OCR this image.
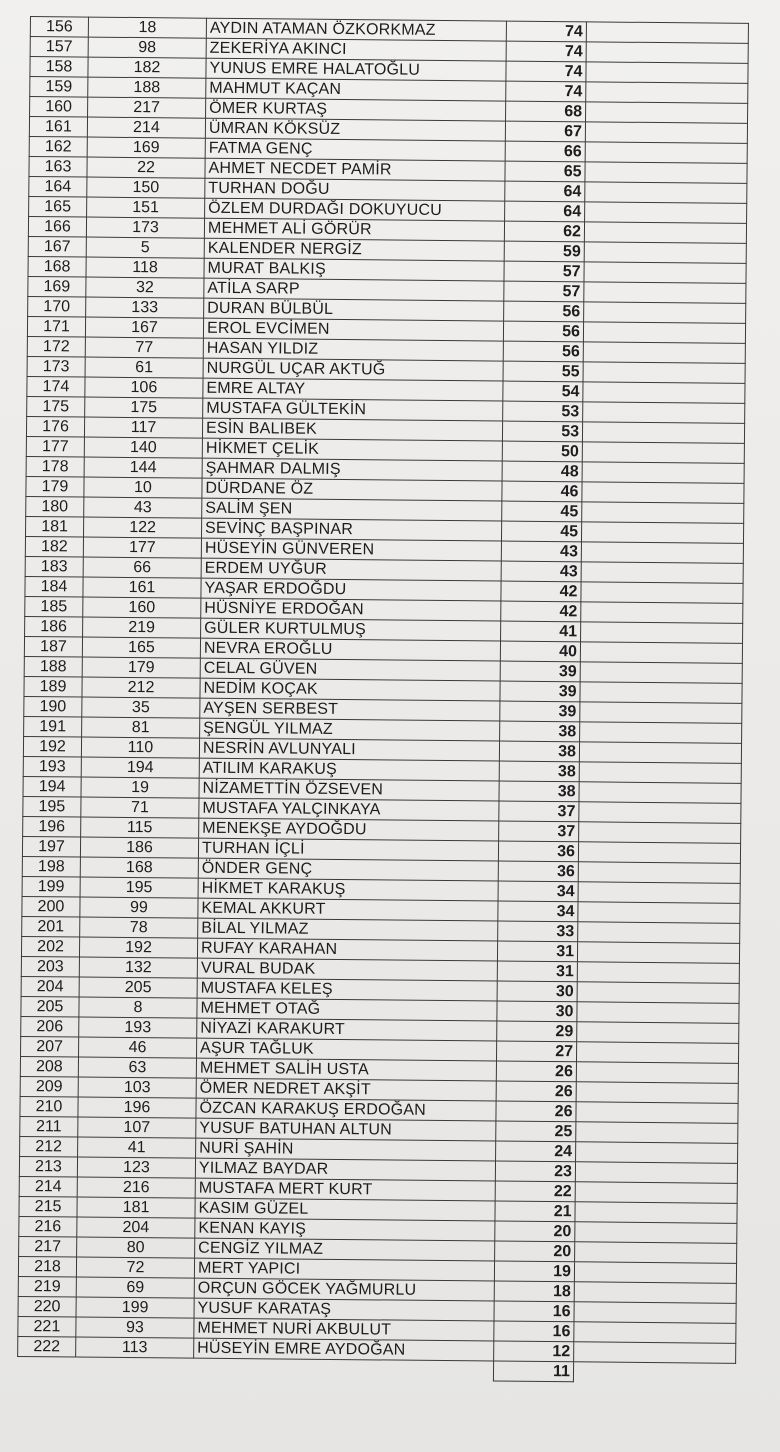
156	18	AYDIN ATAMAN ÖZKORKMAZ	74	
157	98	ZEKERİYA AKINCI	74	
158	182	YUNUS EMRE HALATOĞLU	74	
159	188	MAHMUT KAÇAN	74	
160	217	ÖMER KURTAŞ	68	
161	214	ÜMRAN KÖKSÜZ	67	
162	169	FATMA GENÇ	66	
163	22	AHMET NECDET PAMİR	65	
164	150	TURHAN DOĞU	64	
165	151	ÖZLEM DURDAĞI DOKUYUCU	64	
166	173	MEHMET ALİ GÖRÜR	62	
167	5	KALENDER NERGİZ	59	
168	118	MURAT BALKIŞ	57	
169	32	ATİLA SARP	57	
170	133	DURAN BÜLBÜL	56	
171	167	EROL EVCİMEN	56	
172	77	HASAN YILDIZ	56	
173	61	NURGÜL UÇAR AKTUĞ	55	
174	106	EMRE ALTAY	54	
175	175	MUSTAFA GÜLTEKİN	53	
176	117	ESİN BALIBEK	53	
177	140	HİKMET ÇELİK	50	
178	144	ŞAHMAR DALMIŞ	48	
179	10	DÜRDANE ÖZ	46	
180	43	SALİM ŞEN	45	
181	122	SEVİNÇ BAŞPINAR	45	
182	177	HÜSEYİN GÜNVEREN	43	
183	66	ERDEM UYĞUR	43	
184	161	YAŞAR ERDOĞDU	42	
185	160	HÜSNİYE ERDOĞAN	42	
186	219	GÜLER KURTULMUŞ	41	
187	165	NEVRA EROĞLU	40	
188	179	CELAL GÜVEN	39	
189	212	NEDİM KOÇAK	39	
190	35	AYŞEN SERBEST	39	
191	81	ŞENGÜL YILMAZ	38	
192	110	NESRİN AVLUNYALI	38	
193	194	ATILIM KARAKUŞ	38	
194	19	NİZAMETTİN ÖZSEVEN	38	
195	71	MUSTAFA YALÇINKAYA	37	
196	115	MENEKŞE AYDOĞDU	37	
197	186	TURHAN İÇLİ	36	
198	168	ÖNDER GENÇ	36	
199	195	HİKMET KARAKUŞ	34	
200	99	KEMAL AKKURT	34	
201	78	BİLAL YILMAZ	33	
202	192	RUFAY KARAHAN	31	
203	132	VURAL BUDAK	31	
204	205	MUSTAFA KELEŞ	30	
205	8	MEHMET OTAĞ	30	
206	193	NİYAZİ KARAKURT	29	
207	46	AŞUR TAĞLUK	27	
208	63	MEHMET SALİH USTA	26	
209	103	ÖMER NEDRET AKŞİT	26	
210	196	ÖZCAN KARAKUŞ ERDOĞAN	26	
211	107	YUSUF BATUHAN ALTUN	25	
212	41	NURİ ŞAHİN	24	
213	123	YILMAZ BAYDAR	23	
214	216	MUSTAFA MERT KURT	22	
215	181	KASIM GÜZEL	21	
216	204	KENAN KAYIŞ	20	
217	80	CENGİZ YILMAZ	20	
218	72	MERT YAPICI	19	
219	69	ORÇUN GÖCEK YAĞMURLU	18	
220	199	YUSUF KARATAŞ	16	
221	93	MEHMET NURİ AKBULUT	16	
222	113	HÜSEYİN EMRE AYDOĞAN	12	
			11	
